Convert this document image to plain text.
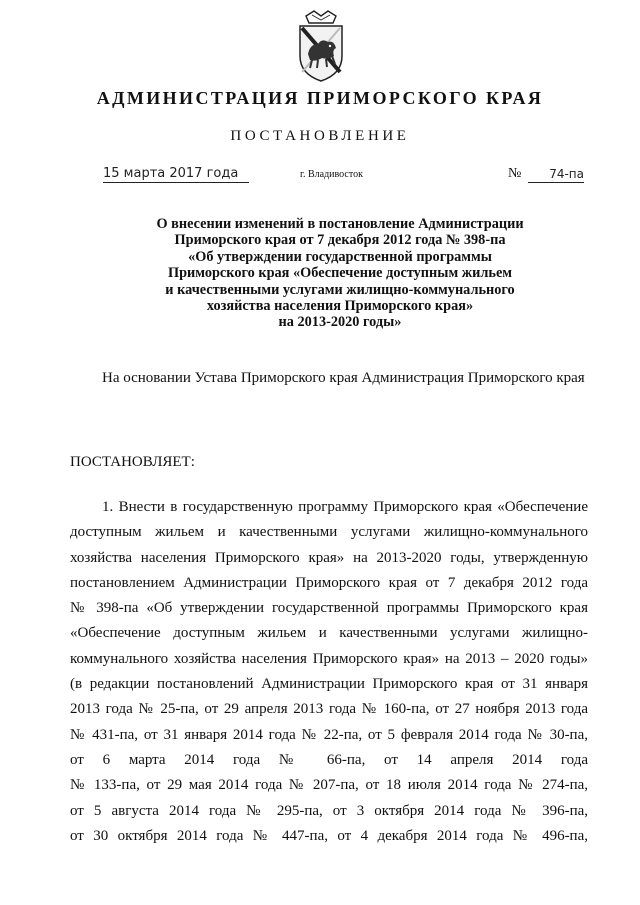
АДМИНИСТРАЦИЯ ПРИМОРСКОГО КРАЯ
ПОСТАНОВЛЕНИЕ
15 марта 2017 года	г. Владивосток	№	74-па
О внесении изменений в постановление Администрации
Приморского края от 7 декабря 2012 года № 398-па
«Об утверждении государственной программы
Приморского края «Обеспечение доступным жильем
и качественными услугами жилищно-коммунального
хозяйства населения Приморского края»
на 2013-2020 годы»
На основании Устава Приморского края Администрация Приморского края
ПОСТАНОВЛЯЕТ:
1. Внести в государственную программу Приморского края «Обеспечение
доступным жильем и качественными услугами жилищно-коммунального
хозяйства населения Приморского края» на 2013-2020 годы, утвержденную
постановлением Администрации Приморского края от 7 декабря 2012 года
№ 398-па «Об утверждении государственной программы Приморского края
«Обеспечение доступным жильем и качественными услугами жилищно-
коммунального хозяйства населения Приморского края» на 2013 – 2020 годы»
(в редакции постановлений Администрации Приморского края от 31 января
2013 года № 25-па, от 29 апреля 2013 года № 160-па, от 27 ноября 2013 года
№ 431-па, от 31 января 2014 года № 22-па, от 5 февраля 2014 года № 30-па,
от 6 марта 2014 года № 66-па, от 14 апреля 2014 года
№ 133-па, от 29 мая 2014 года № 207-па, от 18 июля 2014 года № 274-па,
от 5 августа 2014 года № 295-па, от 3 октября 2014 года № 396-па,
от 30 октября 2014 года № 447-па, от 4 декабря 2014 года № 496-па,
